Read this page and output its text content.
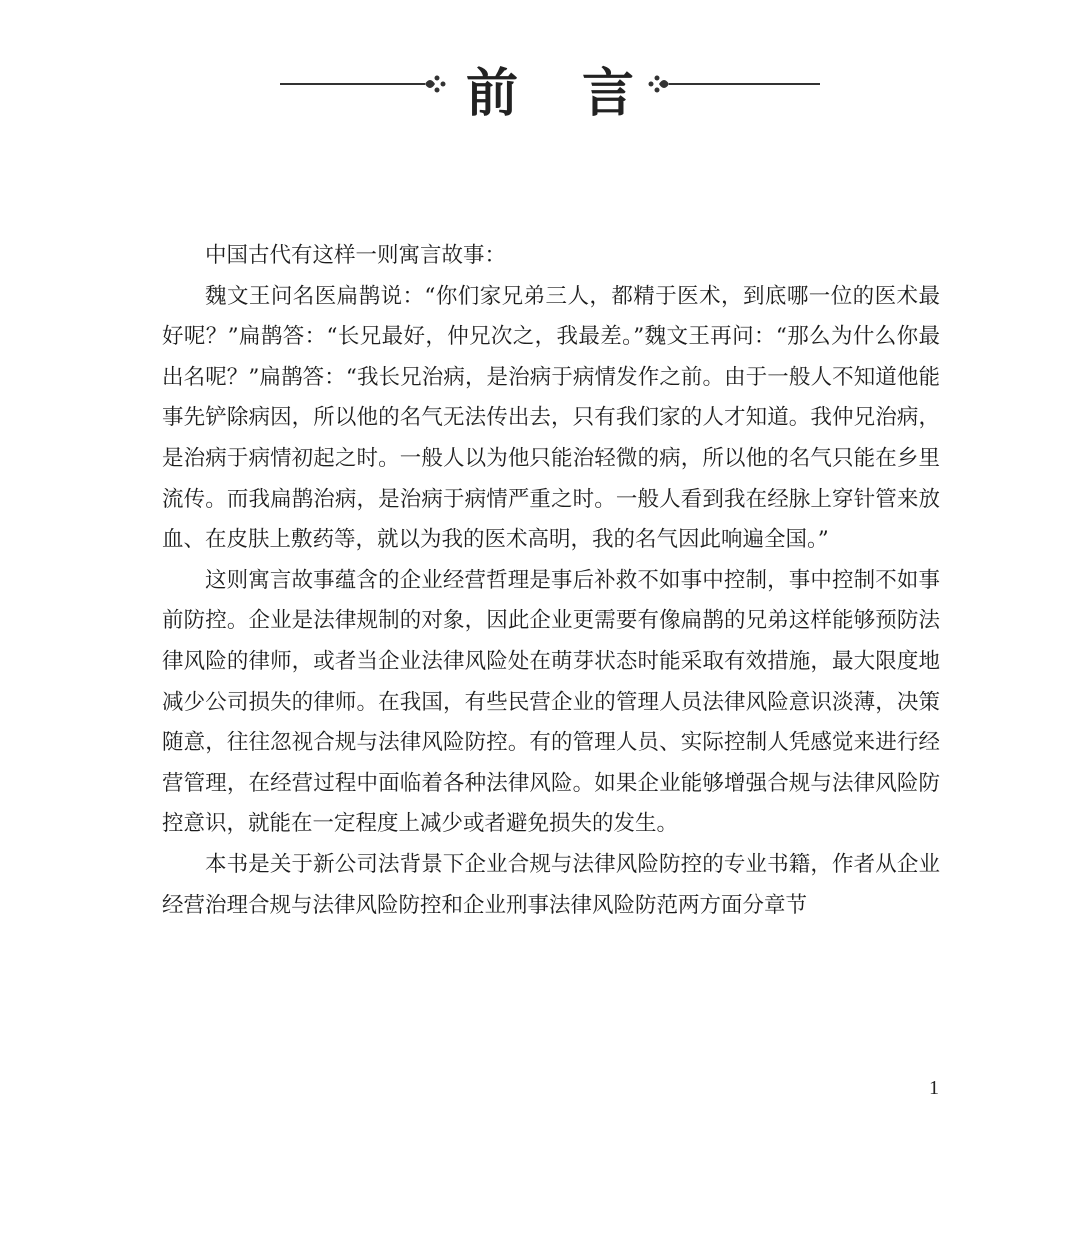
前 言

中国古代有这样一则寓言故事：

魏文王问名医扁鹊说：“你们家兄弟三人，都精于医术，到底哪一位的医术最好呢？”扁鹊答：“长兄最好，仲兄次之，我最差。”魏文王再问：“那么为什么你最出名呢？”扁鹊答：“我长兄治病，是治病于病情发作之前。由于一般人不知道他能事先铲除病因，所以他的名气无法传出去，只有我们家的人才知道。我仲兄治病，是治病于病情初起之时。一般人以为他只能治轻微的病，所以他的名气只能在乡里流传。而我扁鹊治病，是治病于病情严重之时。一般人看到我在经脉上穿针管来放血、在皮肤上敷药等，就以为我的医术高明，我的名气因此响遍全国。”

这则寓言故事蕴含的企业经营哲理是事后补救不如事中控制，事中控制不如事前防控。企业是法律规制的对象，因此企业更需要有像扁鹊的兄弟这样能够预防法律风险的律师，或者当企业法律风险处在萌芽状态时能采取有效措施，最大限度地减少公司损失的律师。在我国，有些民营企业的管理人员法律风险意识淡薄，决策随意，往往忽视合规与法律风险防控。有的管理人员、实际控制人凭感觉来进行经营管理，在经营过程中面临着各种法律风险。如果企业能够增强合规与法律风险防控意识，就能在一定程度上减少或者避免损失的发生。

本书是关于新公司法背景下企业合规与法律风险防控的专业书籍，作者从企业经营治理合规与法律风险防控和企业刑事法律风险防范两方面分章节

1
